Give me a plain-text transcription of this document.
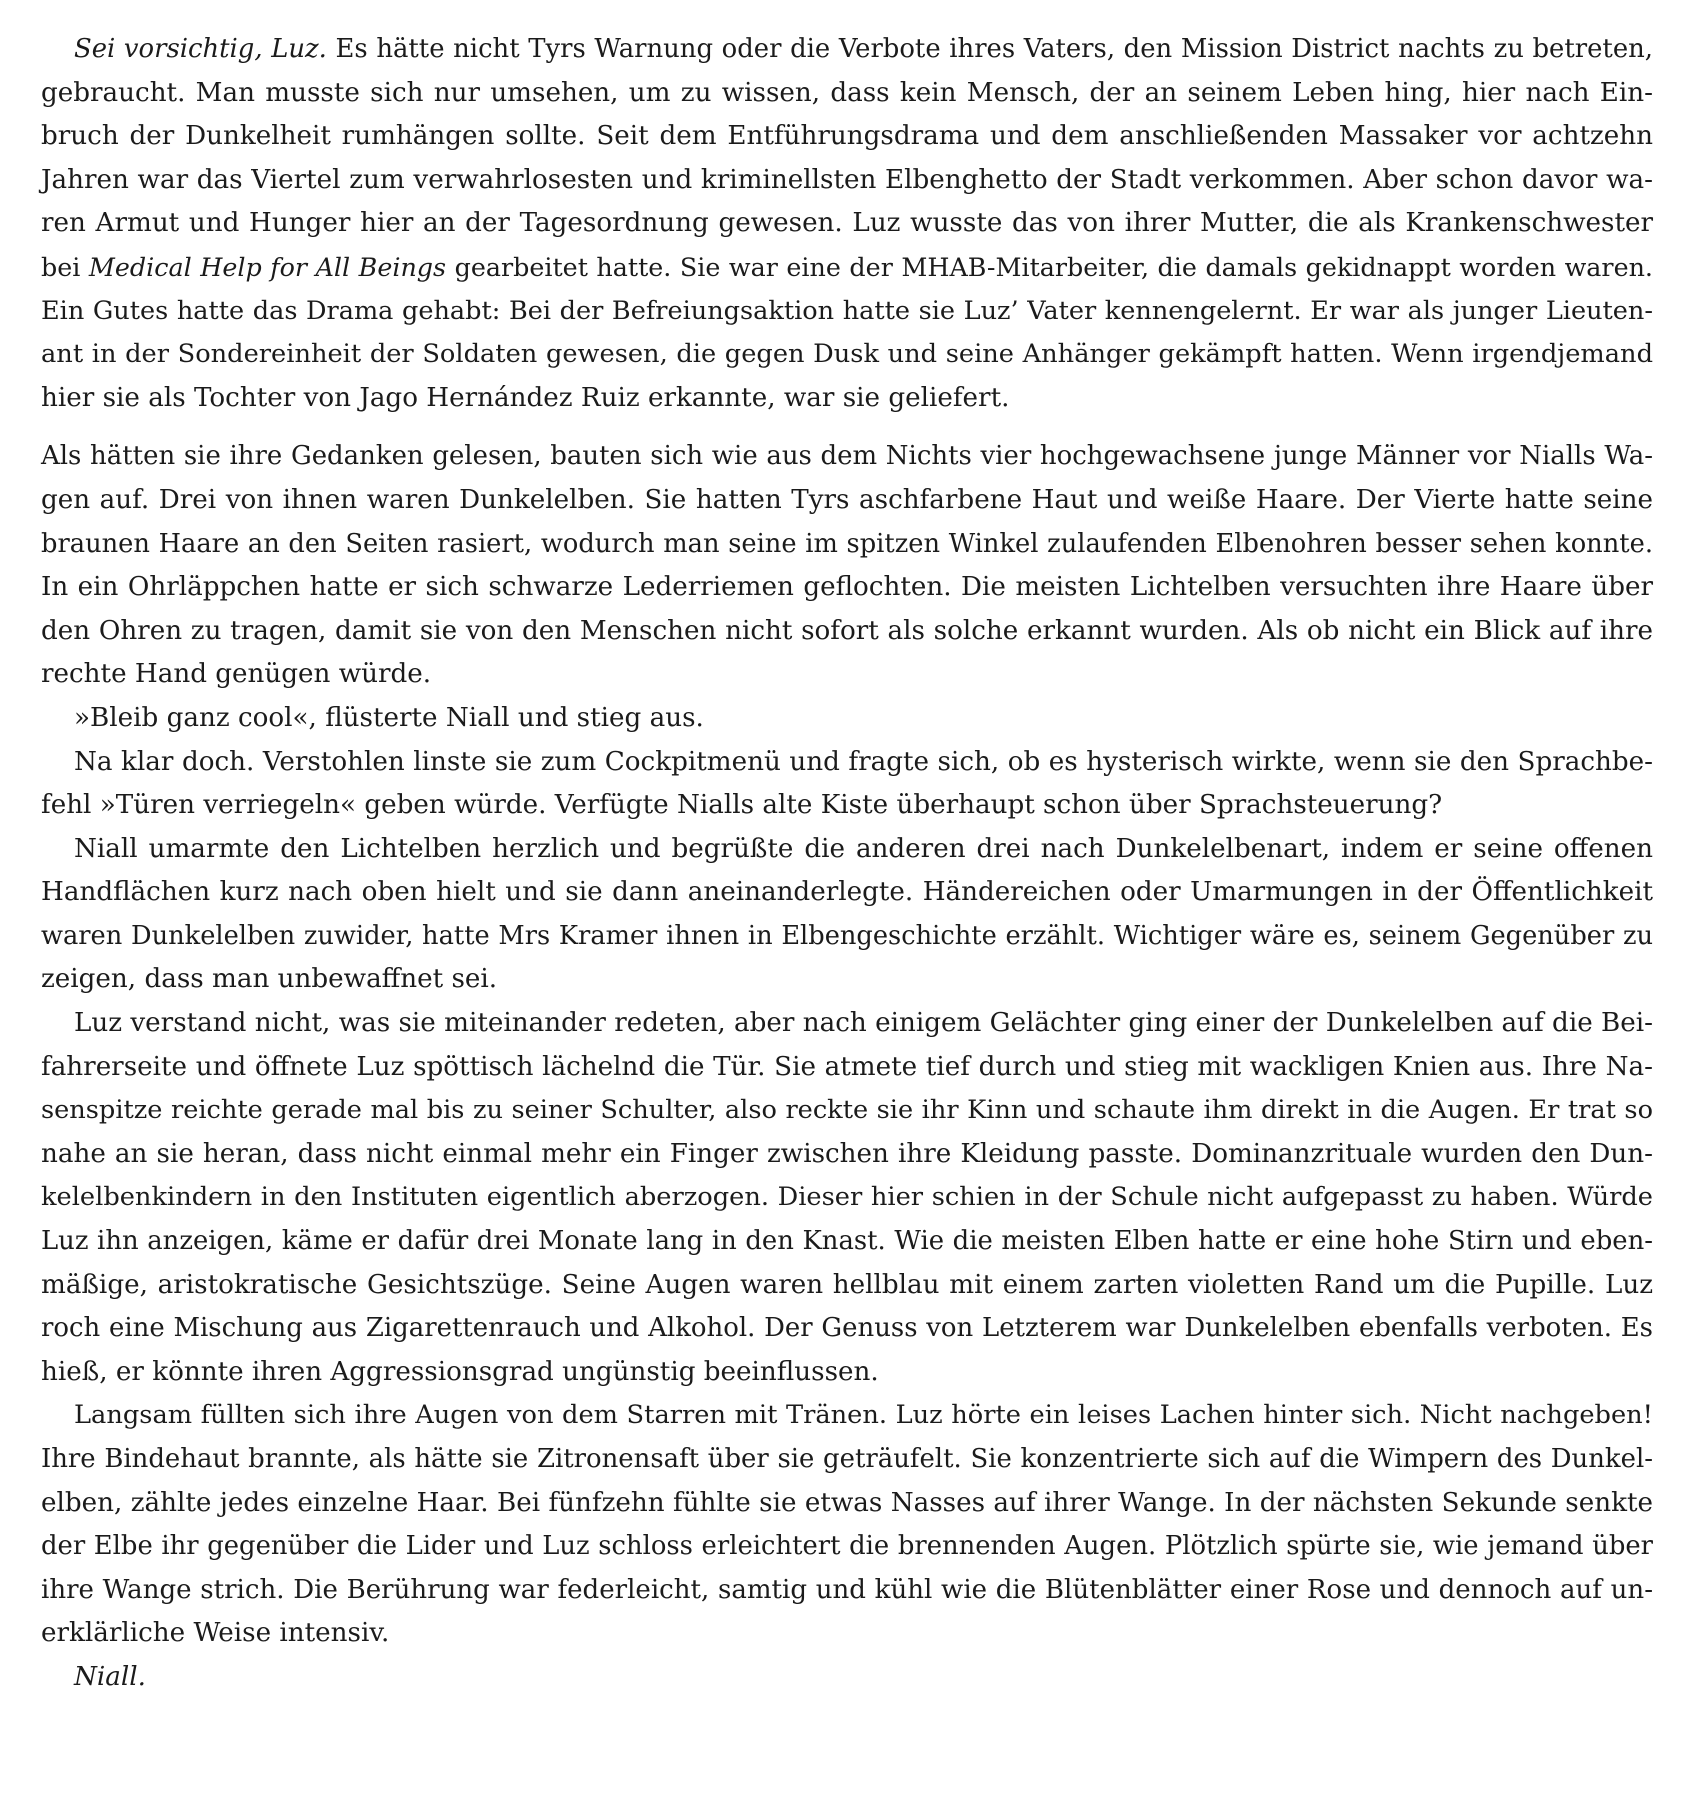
Sei vorsichtig, Luz. Es hätte nicht Tyrs Warnung oder die Verbote ihres Vaters, den Mission District nachts zu betreten,
gebraucht. Man musste sich nur umsehen, um zu wissen, dass kein Mensch, der an seinem Leben hing, hier nach Ein-
bruch der Dunkelheit rumhängen sollte. Seit dem Entführungsdrama und dem anschließenden Massaker vor achtzehn
Jahren war das Viertel zum verwahrlosesten und kriminellsten Elbenghetto der Stadt verkommen. Aber schon davor wa-
ren Armut und Hunger hier an der Tagesordnung gewesen. Luz wusste das von ihrer Mutter, die als Krankenschwester
bei Medical Help for All Beings gearbeitet hatte. Sie war eine der MHAB-Mitarbeiter, die damals gekidnappt worden waren.
Ein Gutes hatte das Drama gehabt: Bei der Befreiungsaktion hatte sie Luz’ Vater kennengelernt. Er war als junger Lieuten-
ant in der Sondereinheit der Soldaten gewesen, die gegen Dusk und seine Anhänger gekämpft hatten. Wenn irgendjemand
hier sie als Tochter von Jago Hernández Ruiz erkannte, war sie geliefert.
Als hätten sie ihre Gedanken gelesen, bauten sich wie aus dem Nichts vier hochgewachsene junge Männer vor Nialls Wa-
gen auf. Drei von ihnen waren Dunkelelben. Sie hatten Tyrs aschfarbene Haut und weiße Haare. Der Vierte hatte seine
braunen Haare an den Seiten rasiert, wodurch man seine im spitzen Winkel zulaufenden Elbenohren besser sehen konnte.
In ein Ohrläppchen hatte er sich schwarze Lederriemen geflochten. Die meisten Lichtelben versuchten ihre Haare über
den Ohren zu tragen, damit sie von den Menschen nicht sofort als solche erkannt wurden. Als ob nicht ein Blick auf ihre
rechte Hand genügen würde.
»Bleib ganz cool«, flüsterte Niall und stieg aus.
Na klar doch. Verstohlen linste sie zum Cockpitmenü und fragte sich, ob es hysterisch wirkte, wenn sie den Sprachbe-
fehl »Türen verriegeln« geben würde. Verfügte Nialls alte Kiste überhaupt schon über Sprachsteuerung?
Niall umarmte den Lichtelben herzlich und begrüßte die anderen drei nach Dunkelelbenart, indem er seine offenen
Handflächen kurz nach oben hielt und sie dann aneinanderlegte. Händereichen oder Umarmungen in der Öffentlichkeit
waren Dunkelelben zuwider, hatte Mrs Kramer ihnen in Elbengeschichte erzählt. Wichtiger wäre es, seinem Gegenüber zu
zeigen, dass man unbewaffnet sei.
Luz verstand nicht, was sie miteinander redeten, aber nach einigem Gelächter ging einer der Dunkelelben auf die Bei-
fahrerseite und öffnete Luz spöttisch lächelnd die Tür. Sie atmete tief durch und stieg mit wackligen Knien aus. Ihre Na-
senspitze reichte gerade mal bis zu seiner Schulter, also reckte sie ihr Kinn und schaute ihm direkt in die Augen. Er trat so
nahe an sie heran, dass nicht einmal mehr ein Finger zwischen ihre Kleidung passte. Dominanzrituale wurden den Dun-
kelelbenkindern in den Instituten eigentlich aberzogen. Dieser hier schien in der Schule nicht aufgepasst zu haben. Würde
Luz ihn anzeigen, käme er dafür drei Monate lang in den Knast. Wie die meisten Elben hatte er eine hohe Stirn und eben-
mäßige, aristokratische Gesichtszüge. Seine Augen waren hellblau mit einem zarten violetten Rand um die Pupille. Luz
roch eine Mischung aus Zigarettenrauch und Alkohol. Der Genuss von Letzterem war Dunkelelben ebenfalls verboten. Es
hieß, er könnte ihren Aggressionsgrad ungünstig beeinflussen.
Langsam füllten sich ihre Augen von dem Starren mit Tränen. Luz hörte ein leises Lachen hinter sich. Nicht nachgeben!
Ihre Bindehaut brannte, als hätte sie Zitronensaft über sie geträufelt. Sie konzentrierte sich auf die Wimpern des Dunkel-
elben, zählte jedes einzelne Haar. Bei fünfzehn fühlte sie etwas Nasses auf ihrer Wange. In der nächsten Sekunde senkte
der Elbe ihr gegenüber die Lider und Luz schloss erleichtert die brennenden Augen. Plötzlich spürte sie, wie jemand über
ihre Wange strich. Die Berührung war federleicht, samtig und kühl wie die Blütenblätter einer Rose und dennoch auf un-
erklärliche Weise intensiv.
Niall.
